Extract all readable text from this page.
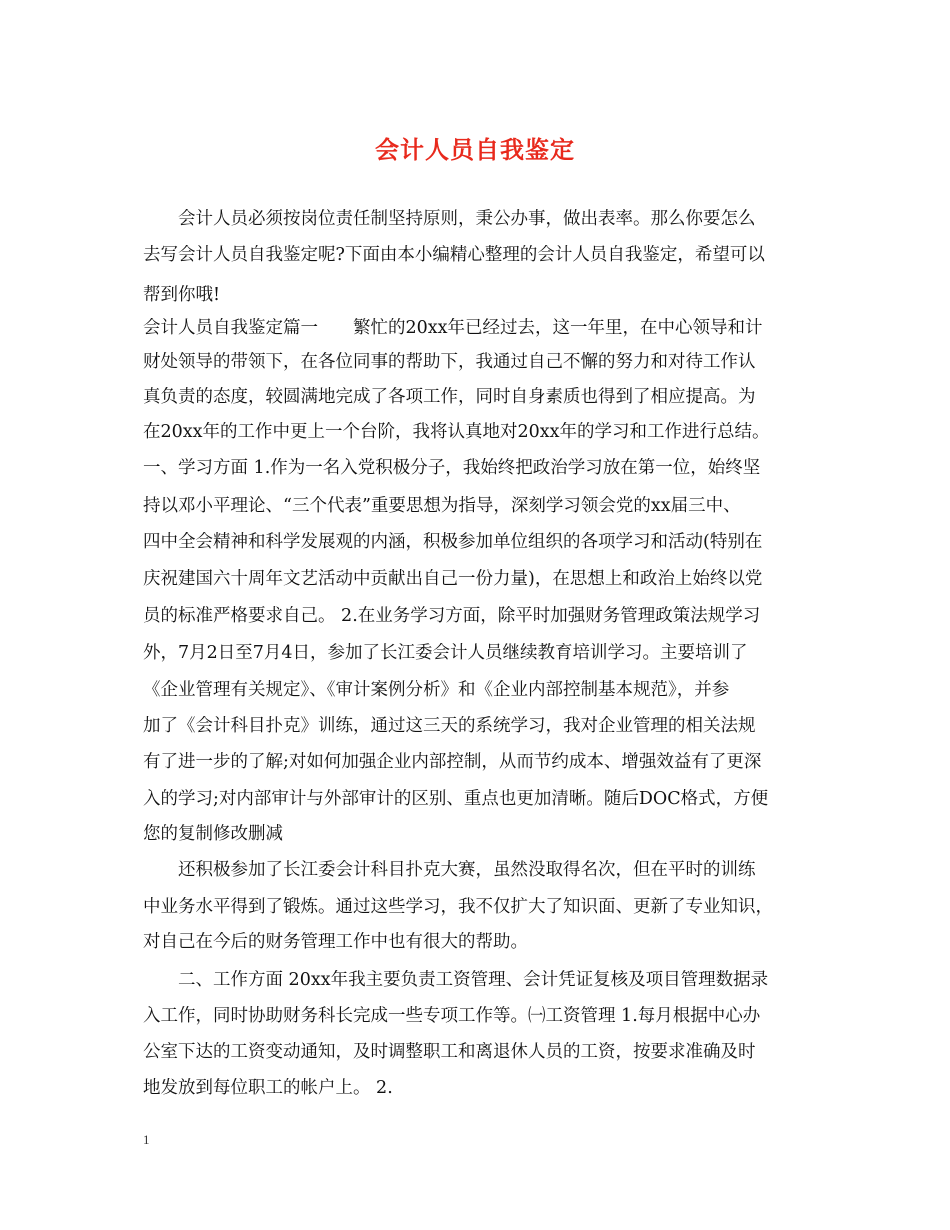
会计人员自我鉴定
会计人员必须按岗位责任制坚持原则，秉公办事，做出表率。那么你要怎么
去写会计人员自我鉴定呢?下面由本小编精心整理的会计人员自我鉴定，希望可以
帮到你哦!
会计人员自我鉴定篇一　　繁忙的20xx年已经过去，这一年里，在中心领导和计
财处领导的带领下，在各位同事的帮助下，我通过自己不懈的努力和对待工作认
真负责的态度，较圆满地完成了各项工作，同时自身素质也得到了相应提高。为
在20xx年的工作中更上一个台阶，我将认真地对20xx年的学习和工作进行总结。
一、学习方面 1.作为一名入党积极分子，我始终把政治学习放在第一位，始终坚
持以邓小平理论、“三个代表”重要思想为指导，深刻学习领会党的xx届三中、
四中全会精神和科学发展观的内涵，积极参加单位组织的各项学习和活动(特别在
庆祝建国六十周年文艺活动中贡献出自己一份力量)，在思想上和政治上始终以党
员的标准严格要求自己。 2.在业务学习方面，除平时加强财务管理政策法规学习
外，7月2日至7月4日，参加了长江委会计人员继续教育培训学习。主要培训了
《企业管理有关规定》、《审计案例分析》和《企业内部控制基本规范》，并参
加了《会计科目扑克》训练，通过这三天的系统学习，我对企业管理的相关法规
有了进一步的了解;对如何加强企业内部控制，从而节约成本、增强效益有了更深
入的学习;对内部审计与外部审计的区别、重点也更加清晰。随后DOC格式，方便
您的复制修改删减
还积极参加了长江委会计科目扑克大赛，虽然没取得名次，但在平时的训练
中业务水平得到了锻炼。通过这些学习，我不仅扩大了知识面、更新了专业知识，
对自己在今后的财务管理工作中也有很大的帮助。
二、工作方面 20xx年我主要负责工资管理、会计凭证复核及项目管理数据录
入工作，同时协助财务科长完成一些专项工作等。㈠工资管理 1.每月根据中心办
公室下达的工资变动通知，及时调整职工和离退休人员的工资，按要求准确及时
地发放到每位职工的帐户上。 2.
1
